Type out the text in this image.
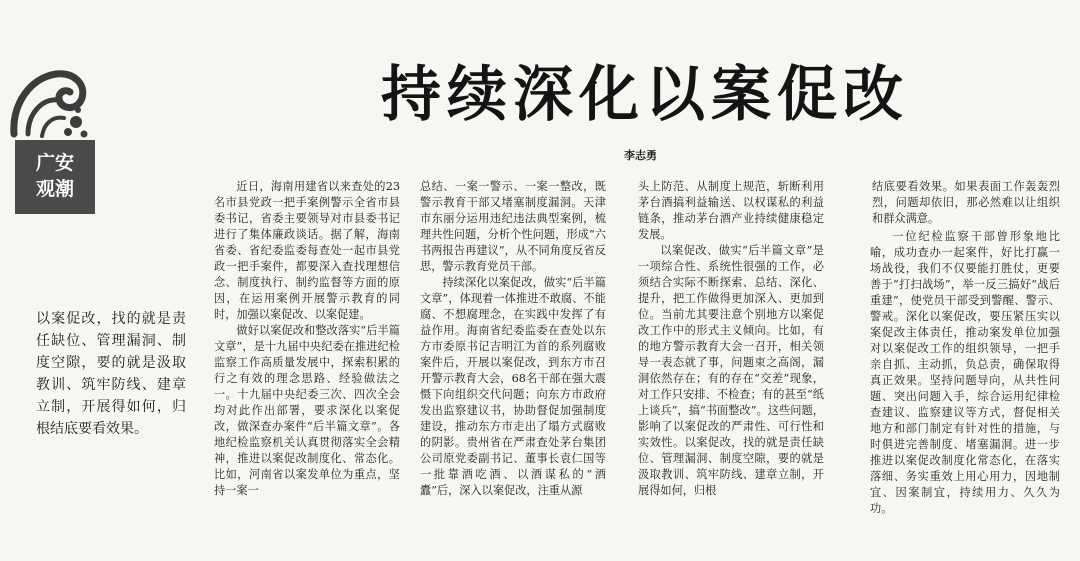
广安
观潮
持续深化以案促改
李志勇
以案促改，找的就是责任缺位、管理漏洞、制度空隙，要的就是汲取教训、筑牢防线、建章立制，开展得如何，归根结底要看效果。

近日，海南用建省以来查处的23名市县党政一把手案例警示全省市县委书记，省委主要领导对市县委书记进行了集体廉政谈话。据了解，海南省委、省纪委监委每查处一起市县党政一把手案件，都要深入查找理想信念、制度执行、制约监督等方面的原因，在运用案例开展警示教育的同时，加强以案促改、以案促建。

做好以案促改和整改落实“后半篇文章”，是十九届中央纪委在推进纪检监察工作高质量发展中，探索积累的行之有效的理念思路、经验做法之一。十九届中央纪委三次、四次全会均对此作出部署，要求深化以案促改，做深查办案件“后半篇文章”。各地纪检监察机关认真贯彻落实全会精神，推进以案促改制度化、常态化。比如，河南省以案发单位为重点，坚持一案一

总结、一案一警示、一案一整改，既警示教育干部又堵塞制度漏洞。天津市东丽分运用违纪违法典型案例，梳理共性问题，分析个性问题，形成“六书两报告再建议”，从不同角度反省反思，警示教育党员干部。

持续深化以案促改，做实“后半篇文章”，体现着一体推进不敢腐、不能腐、不想腐理念，在实践中发挥了有益作用。海南省纪委监委在查处以东方市委原书记吉明江为首的系列腐败案件后，开展以案促改，到东方市召开警示教育大会，68名干部在强大震慑下向组织交代问题；向东方市政府发出监察建议书，协助督促加强制度建设，推动东方市走出了塌方式腐败的阴影。贵州省在严肃查处茅台集团公司原党委副书记、董事长袁仁国等一批靠酒吃酒、以酒谋私的“酒蠹”后，深入以案促改，注重从源

头上防范、从制度上规范，斩断利用茅台酒搞利益输送、以权谋私的利益链条，推动茅台酒产业持续健康稳定发展。

以案促改、做实“后半篇文章”是一项综合性、系统性很强的工作，必须结合实际不断探索、总结、深化、提升，把工作做得更加深入、更加到位。当前尤其要注意个别地方以案促改工作中的形式主义倾向。比如，有的地方警示教育大会一召开，相关领导一表态就了事，问题束之高阁，漏洞依然存在；有的存在“交差”现象，对工作只安排、不检查；有的甚至“纸上谈兵”，搞“书面整改”。这些问题，影响了以案促改的严肃性、可行性和实效性。以案促改，找的就是责任缺位、管理漏洞、制度空隙，要的就是汲取教训、筑牢防线、建章立制，开展得如何，归根

结底要看效果。如果表面工作轰轰烈烈，问题却依旧，那必然难以让组织和群众满意。

一位纪检监察干部曾形象地比喻，成功查办一起案件，好比打赢一场战役，我们不仅要能打胜仗，更要善于“打扫战场”，举一反三搞好“战后重建”，使党员干部受到警醒、警示、警戒。深化以案促改，要压紧压实以案促改主体责任，推动案发单位加强对以案促改工作的组织领导，一把手亲自抓、主动抓，负总责，确保取得真正效果。坚持问题导向，从共性问题、突出问题入手，综合运用纪律检查建议、监察建议等方式，督促相关地方和部门制定有针对性的措施，与时俱进完善制度、堵塞漏洞。进一步推进以案促改制度化常态化，在落实落细、务实重效上用心用力，因地制宜、因案制宜，持续用力、久久为功。
